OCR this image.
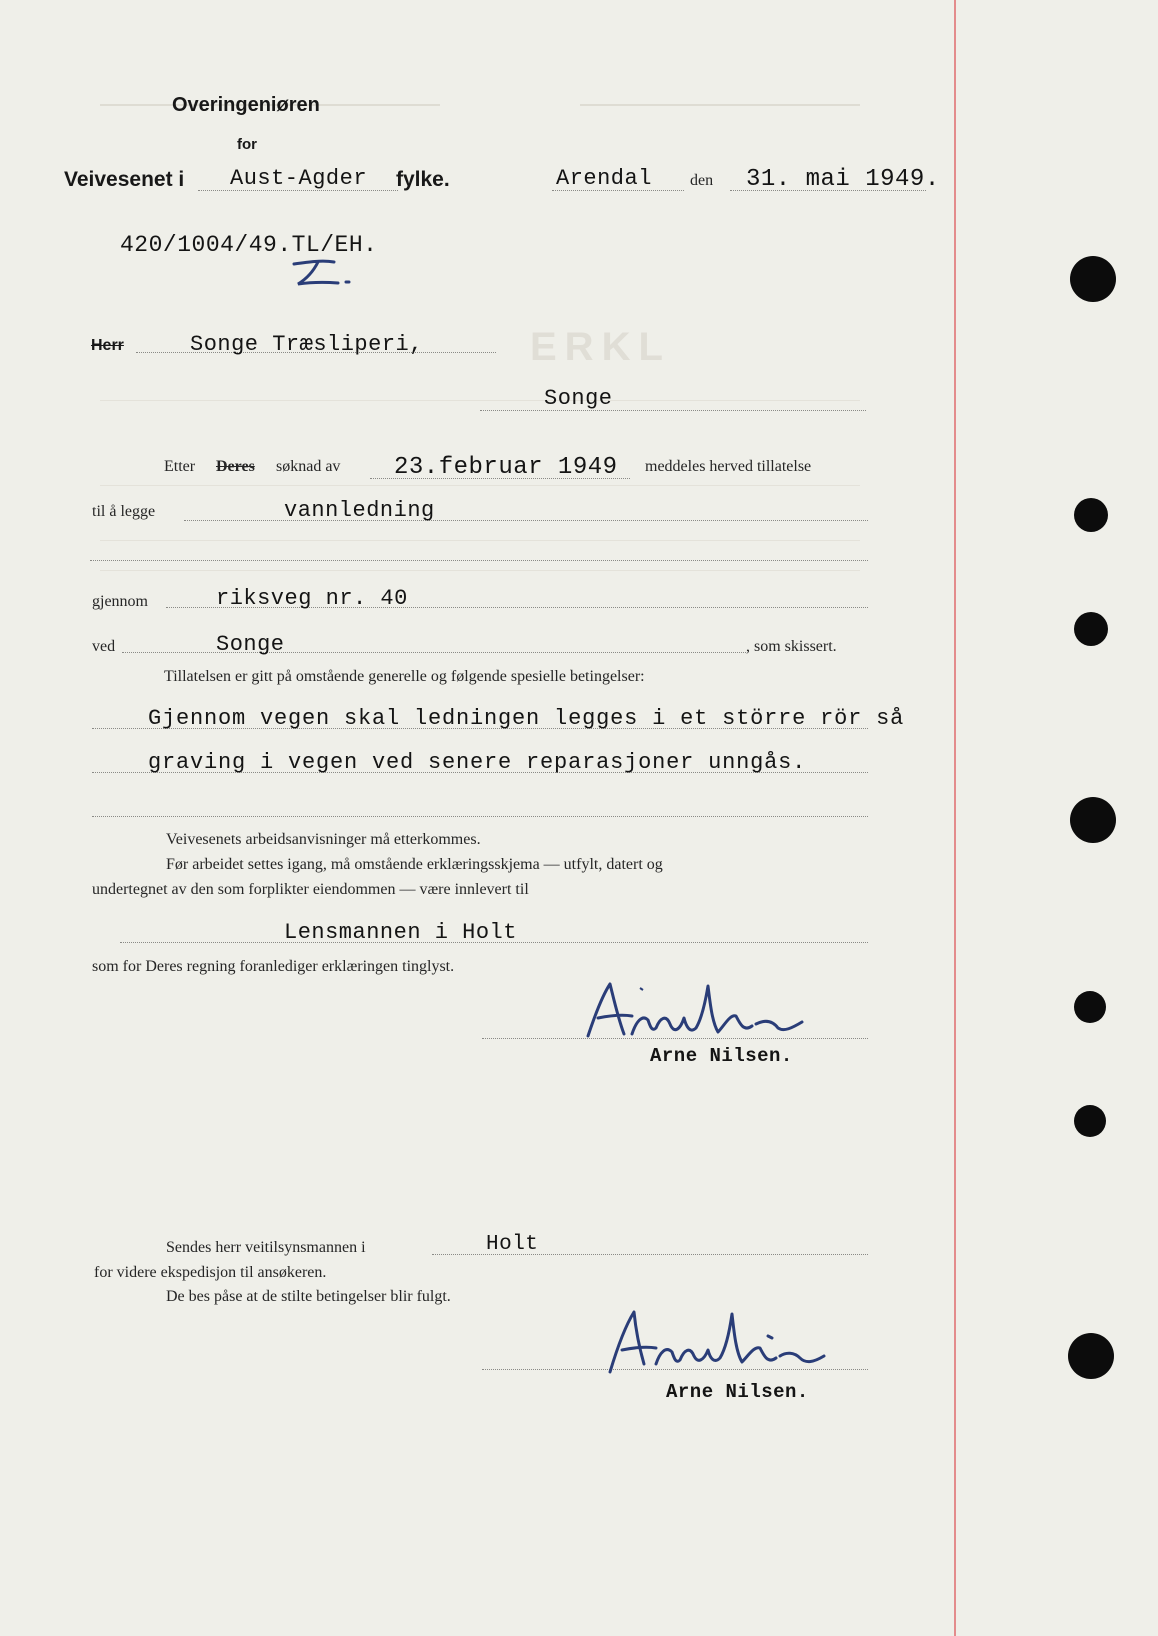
ERKL
Overingeniøren
for
Veivesenet i Aust-Agder fylke.	Arendal den 31. mai 1949.
420/1004/49.TL/EH.
Herr	Songe Træsliperi,
Songe
Etter Deres søknad av 23.februar 1949 meddeles herved tillatelse
til å legge	vannledning
gjennom	riksveg nr. 40
ved	Songe	, som skissert.
Tillatelsen er gitt på omstående generelle og følgende spesielle betingelser:
Gjennom vegen skal ledningen legges i et större rör så
graving i vegen ved senere reparasjoner unngås.
Veivesenets arbeidsanvisninger må etterkommes.
Før arbeidet settes igang, må omstående erklæringsskjema — utfylt, datert og
undertegnet av den som forplikter eiendommen — være innlevert til
Lensmannen i Holt
som for Deres regning foranlediger erklæringen tinglyst.
Arne Nilsen.
Sendes herr veitilsynsmannen i	Holt
for videre ekspedisjon til ansøkeren.
De bes påse at de stilte betingelser blir fulgt.
Arne Nilsen.
